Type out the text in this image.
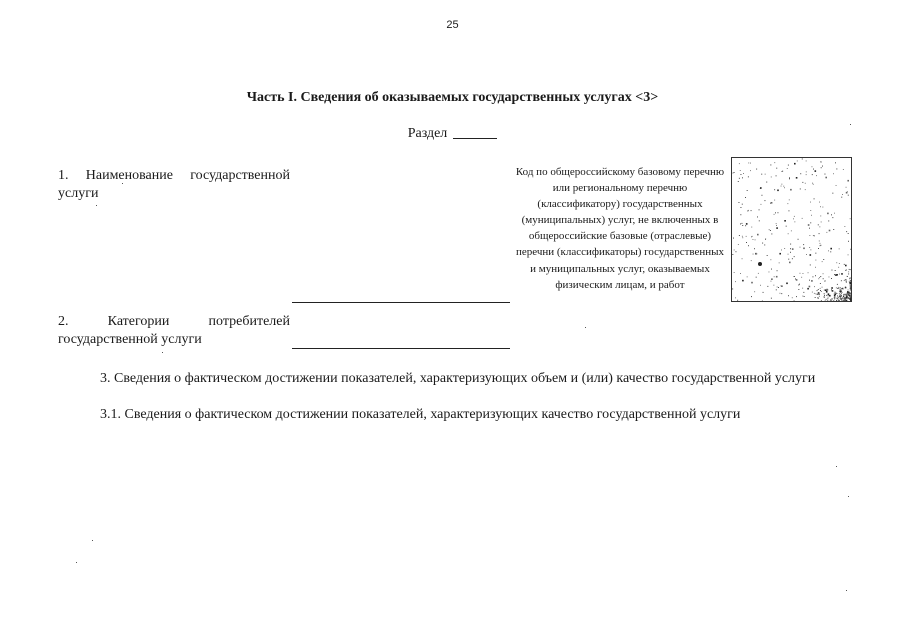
25
Часть I. Сведения об оказываемых государственных услугах <3>
Раздел
1. Наименование государственной услуги
2. Категории потребителей государственной услуги
Код по общероссийскому базовому перечню или региональному перечню (классификатору) государственных (муниципальных) услуг, не включенных в общероссийские базовые (отраслевые) перечни (классификаторы) государственных и муниципальных услуг, оказываемых физическим лицам, и работ
3. Сведения о фактическом достижении показателей, характеризующих объем и (или) качество государственной услуги
3.1. Сведения о фактическом достижении показателей, характеризующих качество государственной услуги
